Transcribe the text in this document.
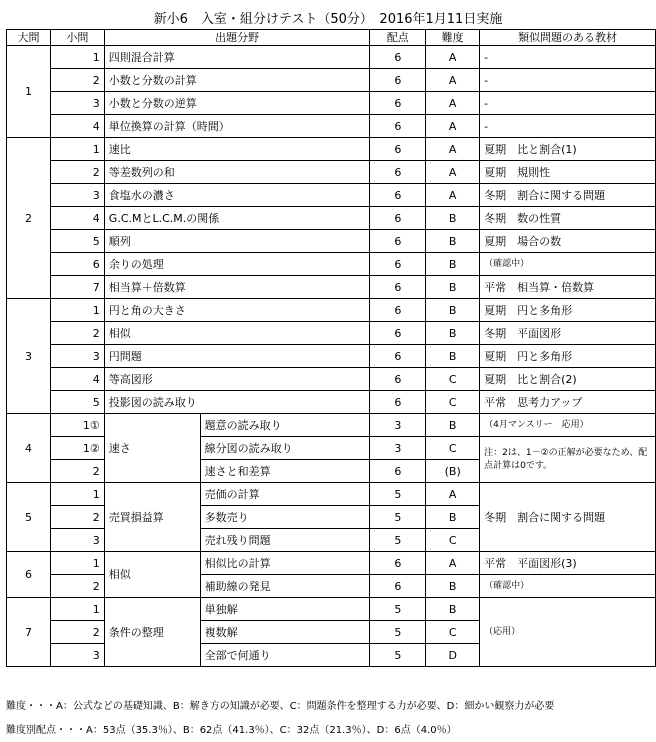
新小6　入室・組分けテスト（50分）　2016年1月11日実施
大問	小問	出題分野		配点	難度	類似問題のある教材
1	1	四則混合計算		6	A	-
	2	小数と分数の計算		6	A	-
	3	小数と分数の逆算		6	A	-
	4	単位換算の計算（時間）		6	A	-
2	1	速比		6	A	夏期　比と割合(1)
	2	等差数列の和		6	A	夏期　規則性
	3	食塩水の濃さ		6	A	冬期　割合に関する問題
	4	G.C.MとL.C.M.の関係		6	B	冬期　数の性質
	5	順列		6	B	夏期　場合の数
	6	余りの処理		6	B	（確認中）
	7	相当算＋倍数算		6	B	平常　相当算・倍数算
3	1	円と角の大きさ		6	B	夏期　円と多角形
	2	相似		6	B	冬期　平面図形
	3	円問題		6	B	夏期　円と多角形
	4	等高図形		6	C	夏期　比と割合(2)
	5	投影図の読み取り		6	C	平常　思考力アップ
4	1①	速さ	題意の読み取り	3	B	（4月マンスリー　応用）
	1②		線分図の読み取り	3	C	注：2は、1－②の正解が必要なため、配点計算は0です。
	2		速さと和差算	6	(B)	
5	1	売買損益算	売価の計算	5	A	冬期　割合に関する問題
	2		多数売り	5	B	
	3		売れ残り問題	5	C	
6	1	相似	相似比の計算	6	A	平常　平面図形(3)
	2		補助線の発見	6	B	（確認中）
7	1	条件の整理	単独解	5	B	（応用）
	2		複数解	5	C	
	3		全部で何通り	5	D	
難度・・・A：公式などの基礎知識、B：解き方の知識が必要、C：問題条件を整理する力が必要、D：細かい観察力が必要
難度別配点・・・A：53点（35.3％）、B：62点（41.3％）、C：32点（21.3％）、D：6点（4.0％）
